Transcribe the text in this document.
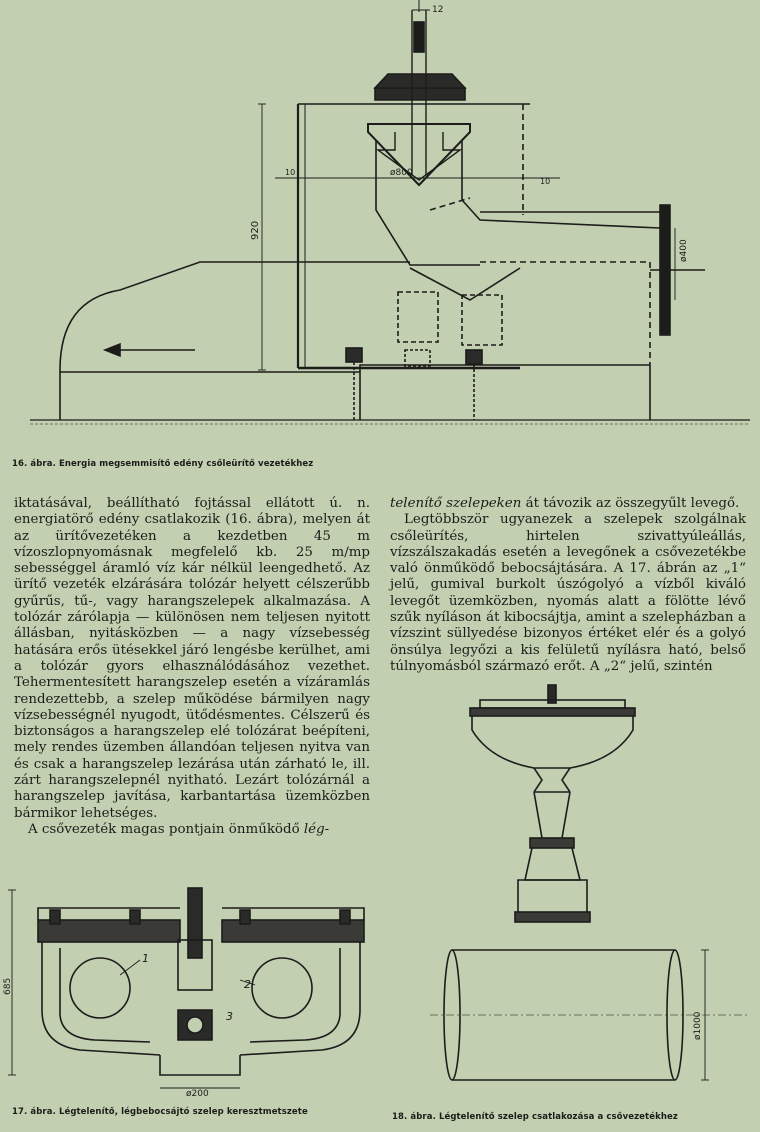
12
920
ø800
10
10
ø400
16. ábra. Energia megsemmisítő edény csőleürítő vezetékhez

iktatásával, beállítható fojtással ellátott ú. n. energiatörő edény csatlakozik (16. ábra), melyen át az ürítővezetéken a kezdetben 45 m vízoszlopnyomásnak megfelelő kb. 25 m/mp sebességgel áramló víz kár nélkül leengedhető. Az ürítő vezeték elzárására tolózár helyett célszerűbb gyűrűs, tű-, vagy harangszelepek alkalmazása. A tolózár zárólapja — különösen nem teljesen nyitott állásban, nyitásközben — a nagy vízsebesség hatására erős ütésekkel járó lengésbe kerülhet, ami a tolózár gyors elhasználódásához vezethet. Tehermentesített harangszelep esetén a vízáramlás rendezettebb, a szelep működése bármilyen nagy vízsebességnél nyugodt, ütődésmentes. Célszerű és biztonságos a harangszelep elé tolózárat beépíteni, mely rendes üzemben állandóan teljesen nyitva van és csak a harangszelep lezárása után zárható le, ill. zárt harangszelepnél nyitható. Lezárt tolózárnál a harangszelep javítása, karbantartása üzemközben bármikor lehetséges.

A csővezeték magas pontjain önműködő lég-

telenítő szelepeken át távozik az összegyűlt levegő.

Legtöbbször ugyanezek a szelepek szolgálnak csőleürítés, hirtelen szivattyúleállás, vízszálszakadás esetén a levegőnek a csővezetékbe való önműködő bebocsájtására. A 17. ábrán az „1“ jelű, gumival burkolt úszógolyó a vízből kiváló levegőt üzemközben, nyomás alatt a fölötte lévő szűk nyíláson át kibocsájtja, amint a szelepházban a vízszint süllyedése bizonyos értéket elér és a golyó önsúlya legyőzi a kis felületű nyílásra ható, belső túlnyomásból származó erőt. A „2“ jelű, szintén

685
ø200
1
2
3
17. ábra. Légtelenítő, légbebocsájtó szelep keresztmetszete
ø1000
18. ábra. Légtelenítő szelep csatlakozása a csővezetékhez
